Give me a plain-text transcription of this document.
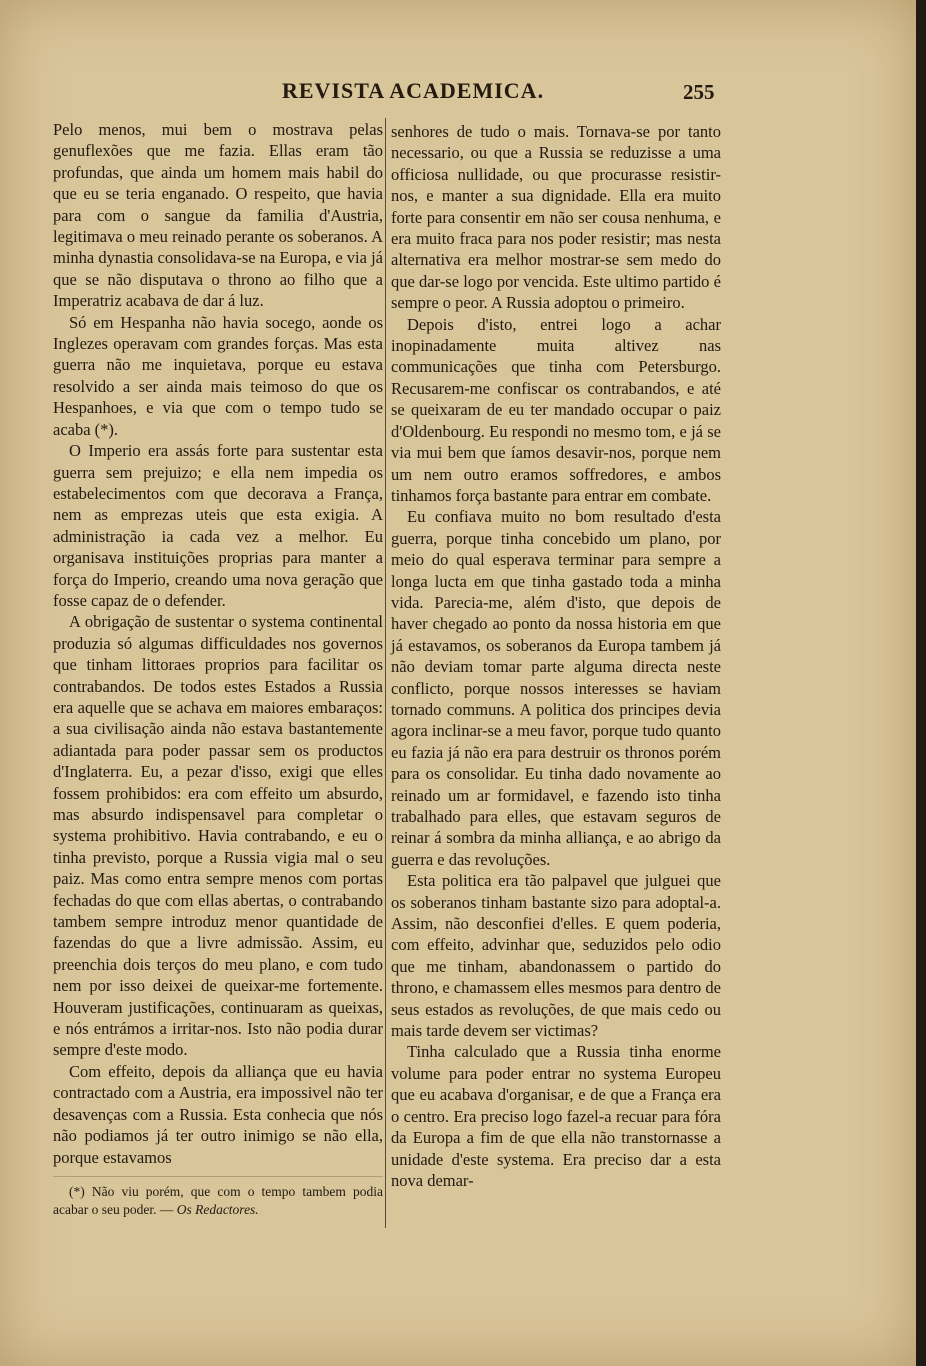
REVISTA ACADEMICA.	255

Pelo menos, mui bem o mostrava pelas genuflexões que me fazia. Ellas eram tão profundas, que ainda um homem mais habil do que eu se teria enganado. O respeito, que havia para com o sangue da familia d'Austria, legitimava o meu reinado perante os soberanos. A minha dynastia consolidava-se na Europa, e via já que se não disputava o throno ao filho que a Imperatriz acabava de dar á luz.

Só em Hespanha não havia socego, aonde os Inglezes operavam com grandes forças. Mas esta guerra não me inquietava, porque eu estava resolvido a ser ainda mais teimoso do que os Hespanhoes, e via que com o tempo tudo se acaba (*).

O Imperio era assás forte para sustentar esta guerra sem prejuizo; e ella nem impedia os estabelecimentos com que decorava a França, nem as emprezas uteis que esta exigia. A administração ia cada vez a melhor. Eu organisava instituições proprias para manter a força do Imperio, creando uma nova geração que fosse capaz de o defender.

A obrigação de sustentar o systema continental produzia só algumas difficuldades nos governos que tinham littoraes proprios para facilitar os contrabandos. De todos estes Estados a Russia era aquelle que se achava em maiores embaraços: a sua civilisação ainda não estava bastantemente adiantada para poder passar sem os productos d'Inglaterra. Eu, a pezar d'isso, exigi que elles fossem prohibidos: era com effeito um absurdo, mas absurdo indispensavel para completar o systema prohibitivo. Havia contrabando, e eu o tinha previsto, porque a Russia vigia mal o seu paiz. Mas como entra sempre menos com portas fechadas do que com ellas abertas, o contrabando tambem sempre introduz menor quantidade de fazendas do que a livre admissão. Assim, eu preenchia dois terços do meu plano, e com tudo nem por isso deixei de queixar-me fortemente. Houveram justificações, continuaram as queixas, e nós entrámos a irritar-nos. Isto não podia durar sempre d'este modo.

Com effeito, depois da alliança que eu havia contractado com a Austria, era impossivel não ter desavenças com a Russia. Esta conhecia que nós não podiamos já ter outro inimigo se não ella, porque estavamos

senhores de tudo o mais. Tornava-se por tanto necessario, ou que a Russia se reduzisse a uma officiosa nullidade, ou que procurasse resistir-nos, e manter a sua dignidade. Ella era muito forte para consentir em não ser cousa nenhuma, e era muito fraca para nos poder resistir; mas nesta alternativa era melhor mostrar-se sem medo do que dar-se logo por vencida. Este ultimo partido é sempre o peor. A Russia adoptou o primeiro.

Depois d'isto, entrei logo a achar inopinadamente muita altivez nas communicações que tinha com Petersburgo. Recusarem-me confiscar os contrabandos, e até se queixaram de eu ter mandado occupar o paiz d'Oldenbourg. Eu respondi no mesmo tom, e já se via mui bem que íamos desavir-nos, porque nem um nem outro eramos soffredores, e ambos tinhamos força bastante para entrar em combate.

Eu confiava muito no bom resultado d'esta guerra, porque tinha concebido um plano, por meio do qual esperava terminar para sempre a longa lucta em que tinha gastado toda a minha vida. Parecia-me, além d'isto, que depois de haver chegado ao ponto da nossa historia em que já estavamos, os soberanos da Europa tambem já não deviam tomar parte alguma directa neste conflicto, porque nossos interesses se haviam tornado communs. A politica dos principes devia agora inclinar-se a meu favor, porque tudo quanto eu fazia já não era para destruir os thronos porém para os consolidar. Eu tinha dado novamente ao reinado um ar formidavel, e fazendo isto tinha trabalhado para elles, que estavam seguros de reinar á sombra da minha alliança, e ao abrigo da guerra e das revoluções.

Esta politica era tão palpavel que julguei que os soberanos tinham bastante sizo para adoptal-a. Assim, não desconfiei d'elles. E quem poderia, com effeito, advinhar que, seduzidos pelo odio que me tinham, abandonassem o partido do throno, e chamassem elles mesmos para dentro de seus estados as revoluções, de que mais cedo ou mais tarde devem ser victimas?

Tinha calculado que a Russia tinha enorme volume para poder entrar no systema Europeu que eu acabava d'organisar, e de que a França era o centro. Era preciso logo fazel-a recuar para fóra da Europa a fim de que ella não transtornasse a unidade d'este systema. Era preciso dar a esta nova demar-

(*) Não viu porém, que com o tempo tambem podia acabar o seu poder. — Os Redactores.
